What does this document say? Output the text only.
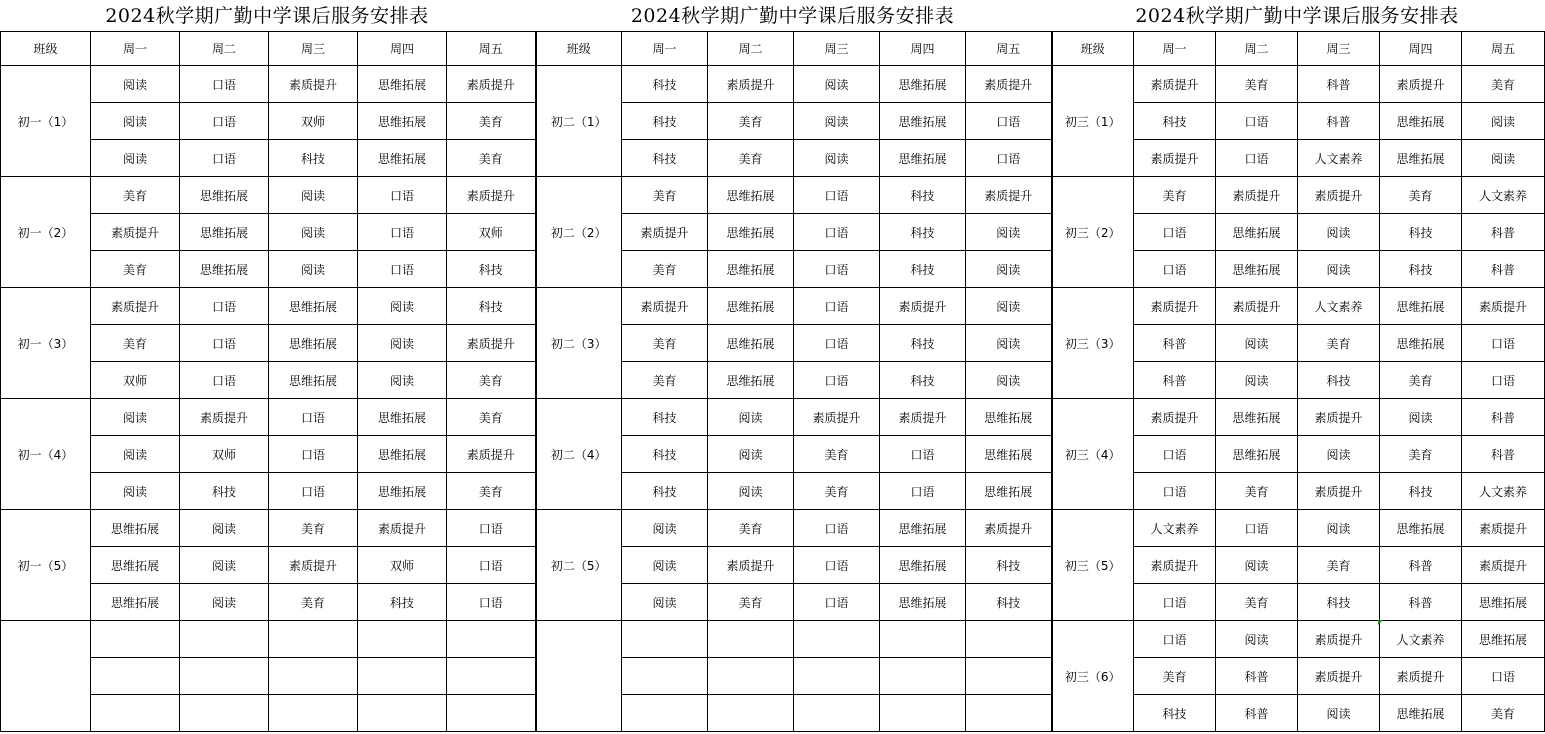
2024秋学期广勤中学课后服务安排表	2024秋学期广勤中学课后服务安排表	2024秋学期广勤中学课后服务安排表
班级	周一	周二	周三	周四	周五	班级	周一	周二	周三	周四	周五	班级	周一	周二	周三	周四	周五
初一（1）	阅读	口语	素质提升	思维拓展	素质提升	初二（1）	科技	素质提升	阅读	思维拓展	素质提升	初三（1）	素质提升	美育	科普	素质提升	美育
	阅读	口语	双师	思维拓展	美育		科技	美育	阅读	思维拓展	口语		科技	口语	科普	思维拓展	阅读
	阅读	口语	科技	思维拓展	美育		科技	美育	阅读	思维拓展	口语		素质提升	口语	人文素养	思维拓展	阅读
初一（2）	美育	思维拓展	阅读	口语	素质提升	初二（2）	美育	思维拓展	口语	科技	素质提升	初三（2）	美育	素质提升	素质提升	美育	人文素养
	素质提升	思维拓展	阅读	口语	双师		素质提升	思维拓展	口语	科技	阅读		口语	思维拓展	阅读	科技	科普
	美育	思维拓展	阅读	口语	科技		美育	思维拓展	口语	科技	阅读		口语	思维拓展	阅读	科技	科普
初一（3）	素质提升	口语	思维拓展	阅读	科技	初二（3）	素质提升	思维拓展	口语	素质提升	阅读	初三（3）	素质提升	素质提升	人文素养	思维拓展	素质提升
	美育	口语	思维拓展	阅读	素质提升		美育	思维拓展	口语	科技	阅读		科普	阅读	美育	思维拓展	口语
	双师	口语	思维拓展	阅读	美育		美育	思维拓展	口语	科技	阅读		科普	阅读	科技	美育	口语
初一（4）	阅读	素质提升	口语	思维拓展	美育	初二（4）	科技	阅读	素质提升	素质提升	思维拓展	初三（4）	素质提升	思维拓展	素质提升	阅读	科普
	阅读	双师	口语	思维拓展	素质提升		科技	阅读	美育	口语	思维拓展		口语	思维拓展	阅读	美育	科普
	阅读	科技	口语	思维拓展	美育		科技	阅读	美育	口语	思维拓展		口语	美育	素质提升	科技	人文素养
初一（5）	思维拓展	阅读	美育	素质提升	口语	初二（5）	阅读	美育	口语	思维拓展	素质提升	初三（5）	人文素养	口语	阅读	思维拓展	素质提升
	思维拓展	阅读	素质提升	双师	口语		阅读	素质提升	口语	思维拓展	科技		素质提升	阅读	美育	科普	素质提升
	思维拓展	阅读	美育	科技	口语		阅读	美育	口语	思维拓展	科技		口语	美育	科技	科普	思维拓展
												初三（6）	口语	阅读	素质提升	人文素养	思维拓展
													美育	科普	素质提升	素质提升	口语
													科技	科普	阅读	思维拓展	美育
